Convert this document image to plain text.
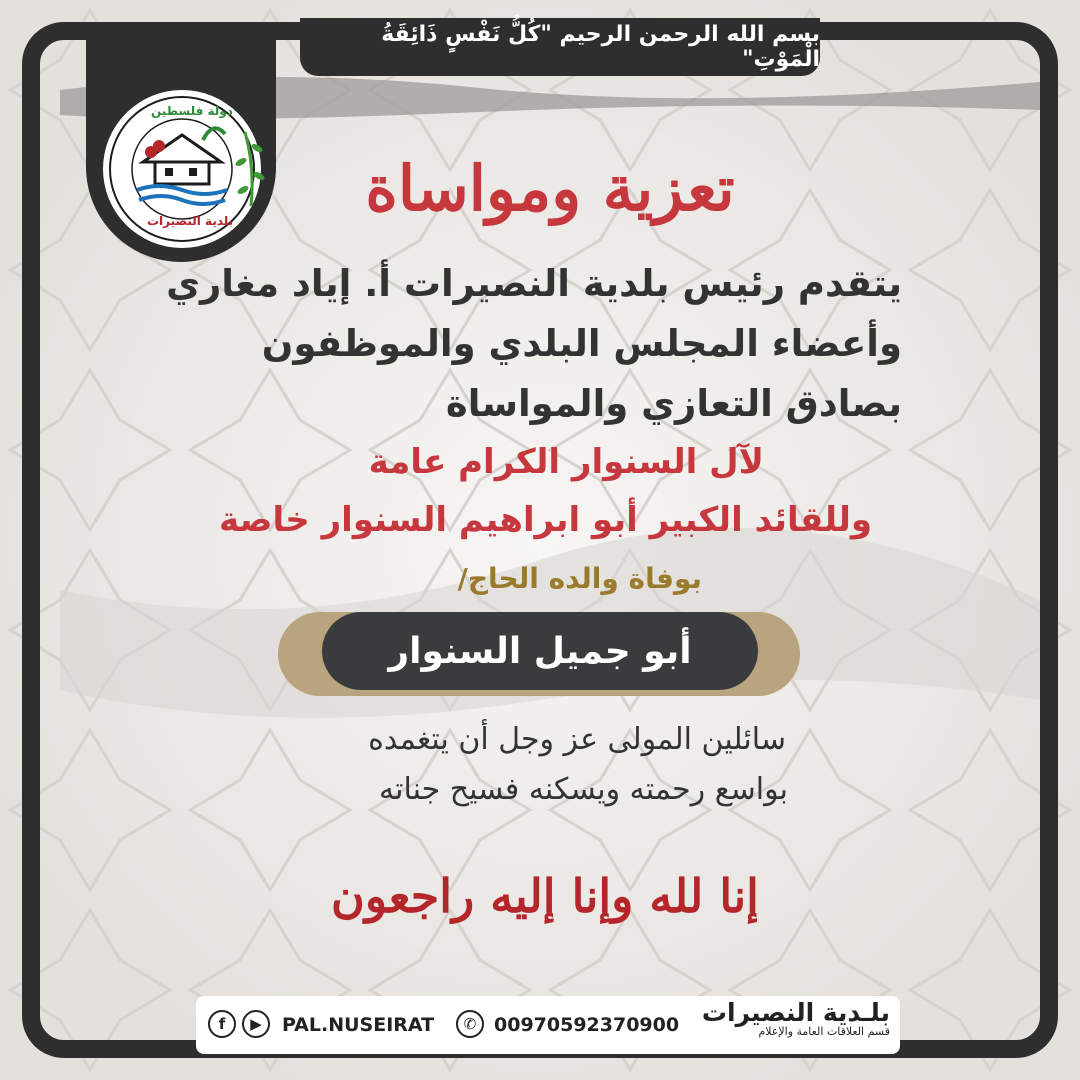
بسم الله الرحمن الرحيم "كُلُّ نَفْسٍ ذَائِقَةُ الْمَوْتِ"
دولة فلسطين
بلدية النصيرات تعزية ومواساة
يتقدم رئيس بلدية النصيرات أ. إياد مغاري
وأعضاء المجلس البلدي والموظفون
بصادق التعازي والمواساة
لآل السنوار الكرام عامة
وللقائد الكبير أبو ابراهيم السنوار خاصة
بوفاة والده الحاج/
أبو جميل السنوار
سائلين المولى عز وجل أن يتغمده
بواسع رحمته ويسكنه فسيح جناته
إنا لله وإنا إليه راجعون
f	▶	PAL.NUSEIRAT	✆ 00970592370900 بلـدية النصيرات
قسم العلاقات العامة والإعلام
